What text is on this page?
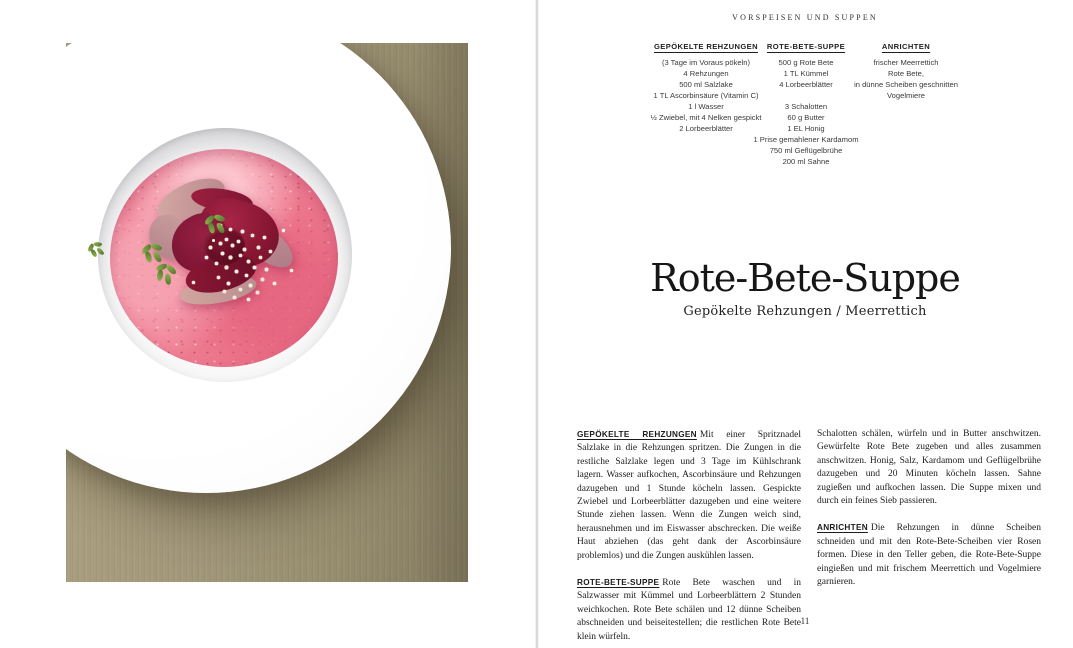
VORSPEISEN UND SUPPEN
GEPÖKELTE REHZUNGEN
(3 Tage im Voraus pökeln)
4 Rehzungen
500 ml Salzlake
1 TL Ascorbinsäure (Vitamin C)
1 l Wasser
½ Zwiebel, mit 4 Nelken gespickt
2 Lorbeerblätter
ROTE-BETE-SUPPE
500 g Rote Bete
1 TL Kümmel
4 Lorbeerblätter
3 Schalotten
60 g Butter
1 EL Honig
1 Prise gemahlener Kardamom
750 ml Geflügelbrühe
200 ml Sahne
ANRICHTEN
frischer Meerrettich
Rote Bete,
in dünne Scheiben geschnitten
Vogelmiere
Rote-Bete-Suppe
Gepökelte Rehzungen / Meerrettich

GEPÖKELTE REHZUNGEN Mit einer Spritznadel Salzlake in die Rehzungen spritzen. Die Zungen in die restliche Salzlake legen und 3 Tage im Kühlschrank lagern. Wasser aufkochen, Ascorbinsäure und Rehzungen dazugeben und 1 Stunde köcheln lassen. Gespickte Zwiebel und Lorbeerblätter dazugeben und eine weitere Stunde ziehen lassen. Wenn die Zungen weich sind, herausnehmen und im Eiswasser abschrecken. Die weiße Haut abziehen (das geht dank der Ascorbinsäure problemlos) und die Zungen auskühlen lassen.

ROTE-BETE-SUPPE Rote Bete waschen und in Salzwasser mit Kümmel und Lorbeerblättern 2 Stunden weichkochen. Rote Bete schälen und 12 dünne Scheiben abschneiden und beiseitestellen; die restlichen Rote Bete klein würfeln.

Schalotten schälen, würfeln und in Butter anschwitzen. Gewürfelte Rote Bete zugeben und alles zusammen anschwitzen. Honig, Salz, Kardamom und Geflügelbrühe dazugeben und 20 Minuten köcheln lassen. Sahne zugießen und aufkochen lassen. Die Suppe mixen und durch ein feines Sieb passieren.

ANRICHTEN Die Rehzungen in dünne Scheiben schneiden und mit den Rote-Bete-Scheiben vier Rosen formen. Diese in den Teller geben, die Rote-Bete-Suppe eingießen und mit frischem Meerrettich und Vogelmiere garnieren.

11
